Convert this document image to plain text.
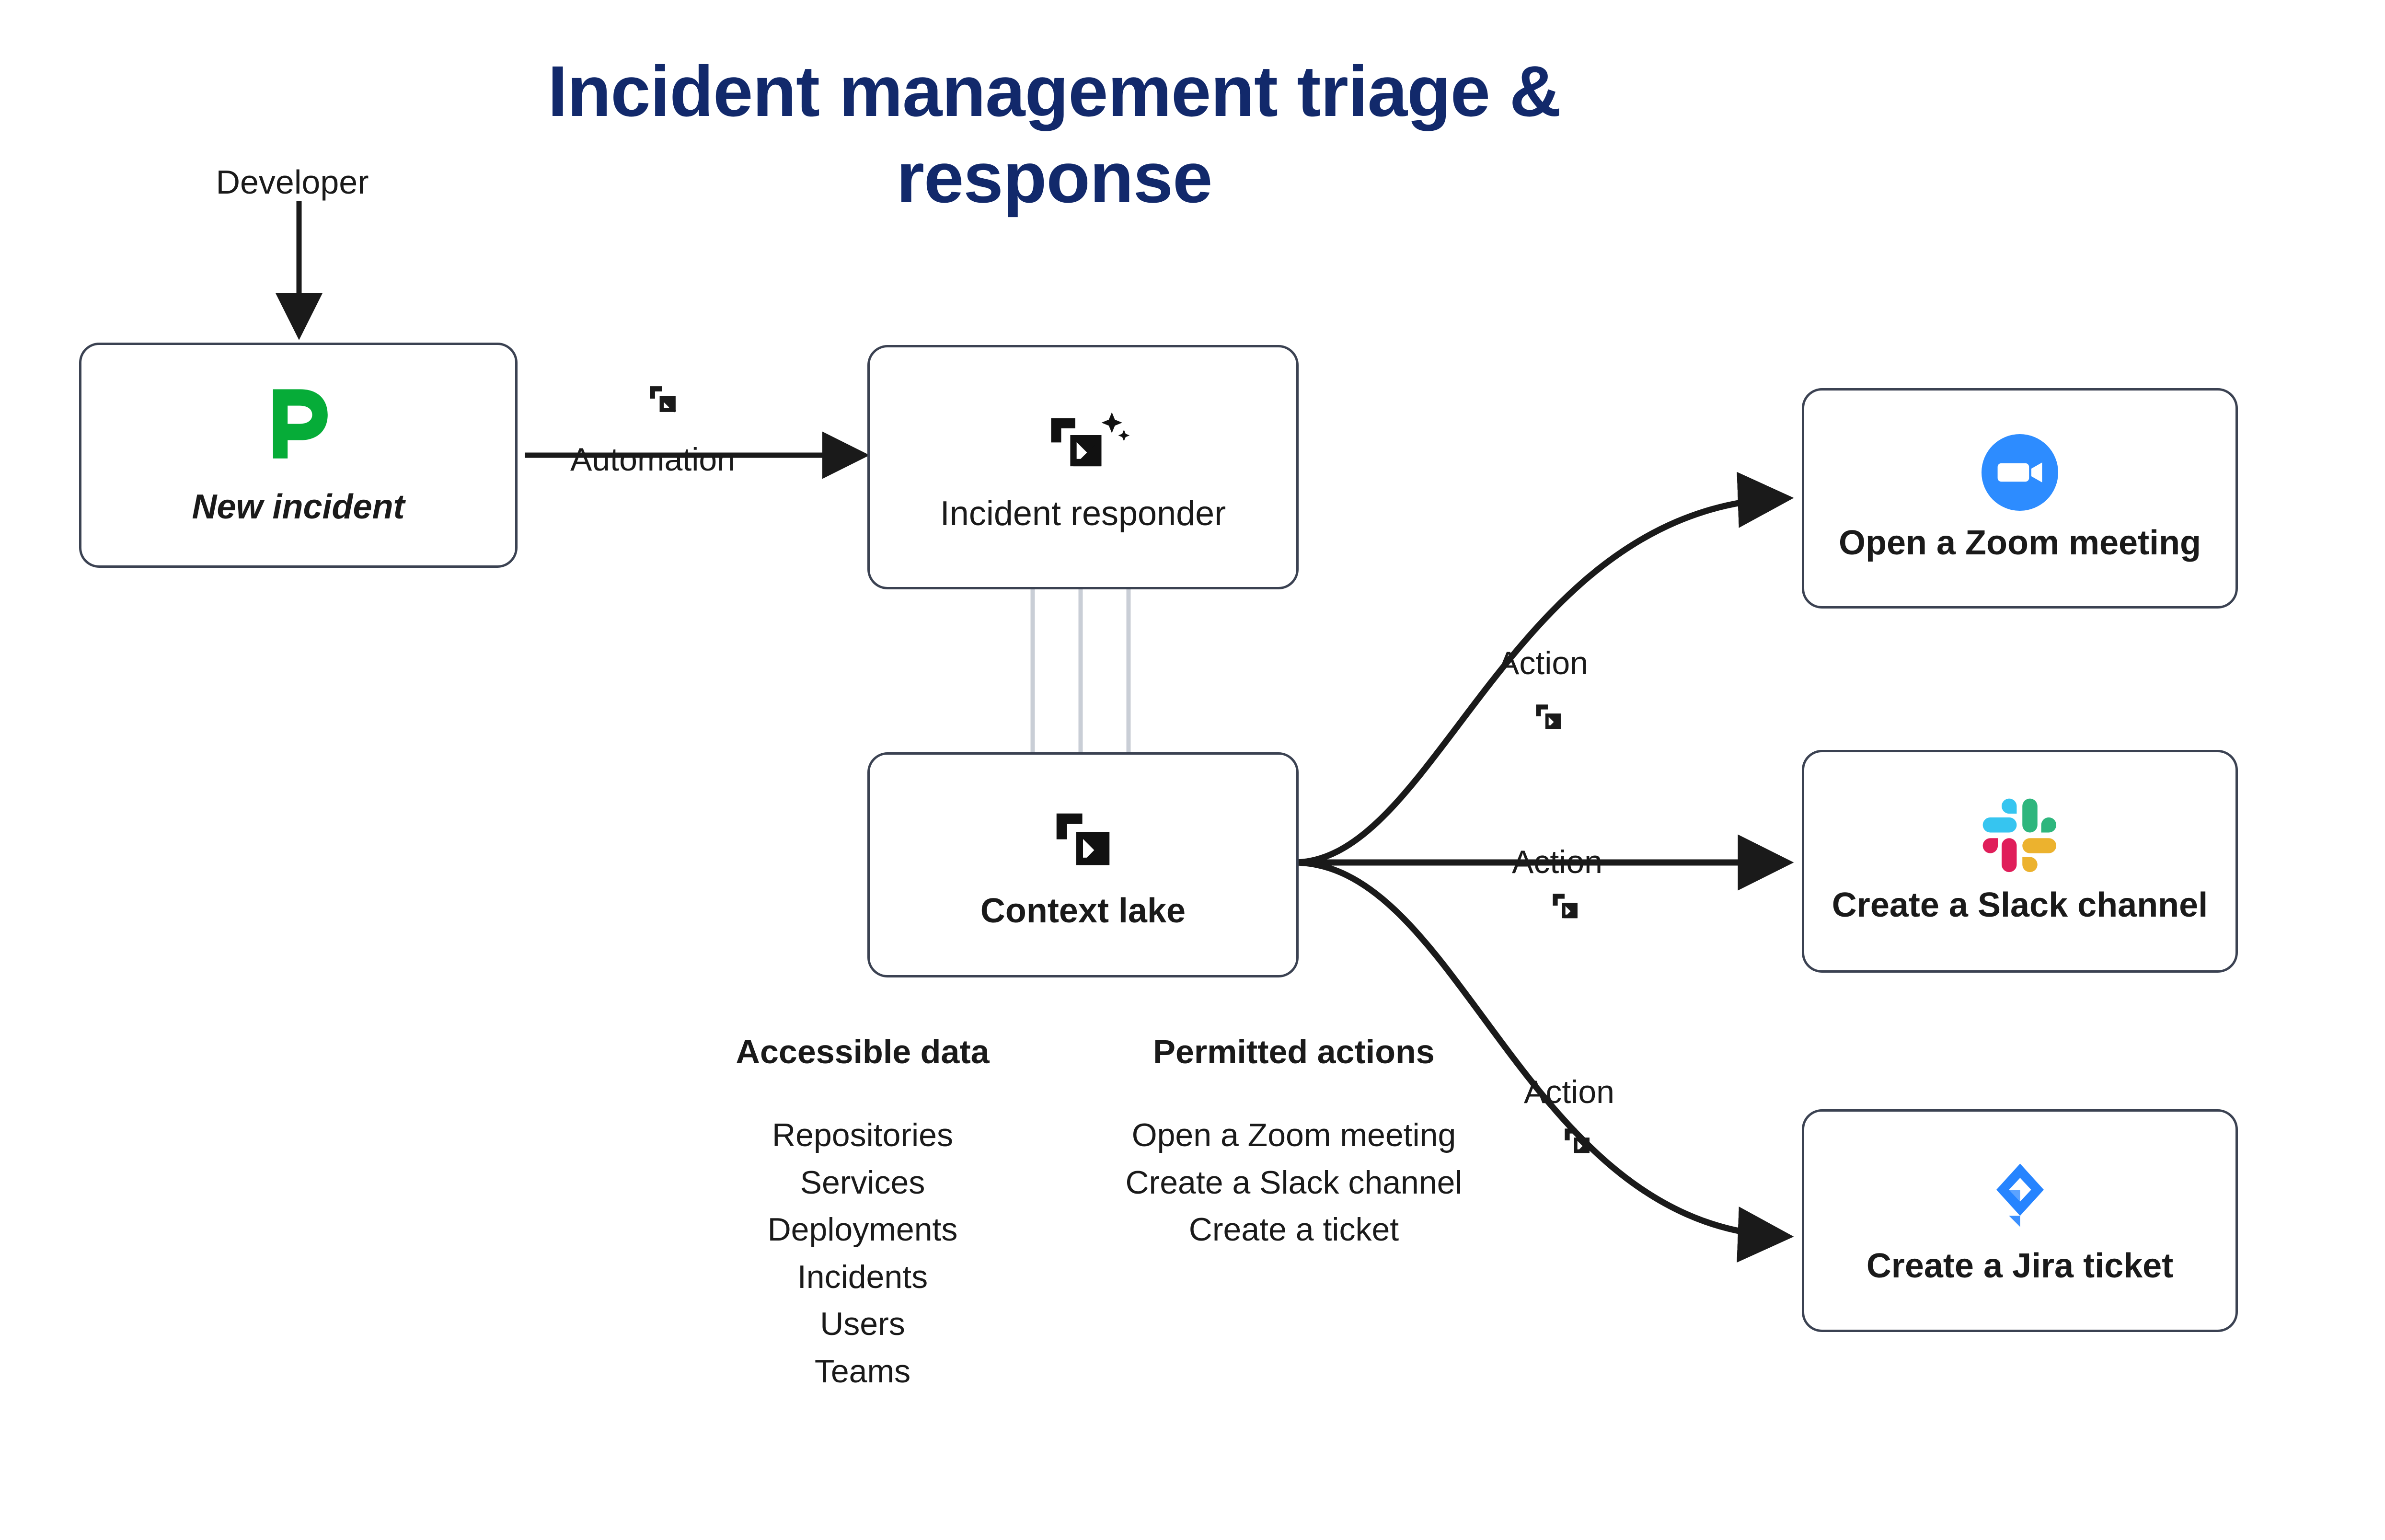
Incident management triage & response
Developer
New incident
Automation
Incident responder
Context lake
Action
Action
Action
Open a Zoom meeting
Create a Slack channel
Create a Jira ticket
Accessible data
Repositories
Services
Deployments
Incidents
Users
Teams
Permitted actions
Open a Zoom meeting
Create a Slack channel
Create a ticket
